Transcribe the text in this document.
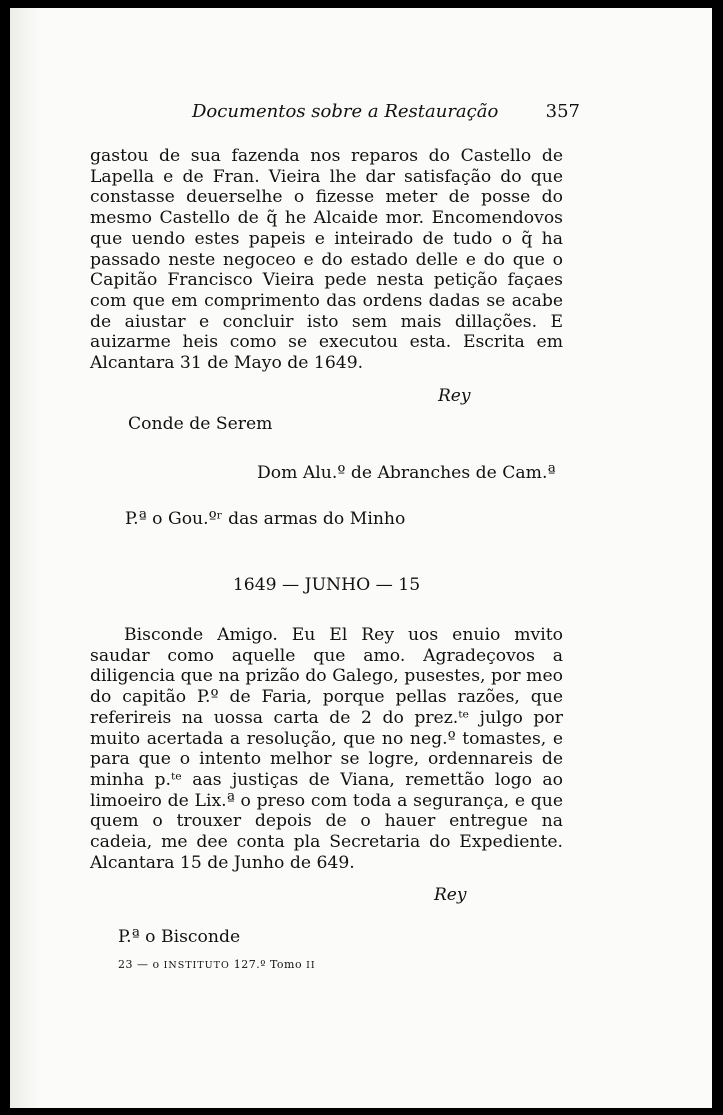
Documentos sobre a Restauração	357

gastou de sua fazenda nos reparos do Castello de Lapella e de Fran. Vieira lhe dar satisfação do que constasse deuerselhe o fizesse meter de posse do mesmo Castello de q̃ he Alcaide mor. Encomendovos que uendo estes papeis e inteirado de tudo o q̃ ha passado neste negoceo e do estado delle e do que o Capitão Francisco Vieira pede nesta petição façaes com que em comprimento das ordens dadas se acabe de aiustar e concluir isto sem mais dillações. E auizarme heis como se executou esta. Escrita em Alcantara 31 de Mayo de 1649.

Rey
Conde de Serem
Dom Alu.º de Abranches de Cam.ª
P.ª o Gou.ºʳ das armas do Minho
1649 — JUNHO — 15

Bisconde Amigo. Eu El Rey uos enuio mvito saudar como aquelle que amo. Agradeçovos a diligencia que na prizão do Galego, pusestes, por meo do capitão P.º de Faria, porque pellas razões, que referireis na uossa carta de 2 do prez.ᵗᵉ julgo por muito acertada a resolução, que no neg.º tomastes, e para que o intento melhor se logre, ordennareis de minha p.ᵗᵉ aas justiças de Viana, remettão logo ao limoeiro de Lix.ª o preso com toda a segurança, e que quem o trouxer depois de o hauer entregue na cadeia, me dee conta pla Secretaria do Expediente. Alcantara 15 de Junho de 649.

Rey
P.ª o Bisconde
23 — o INSTITUTO 127.º Tomo II
